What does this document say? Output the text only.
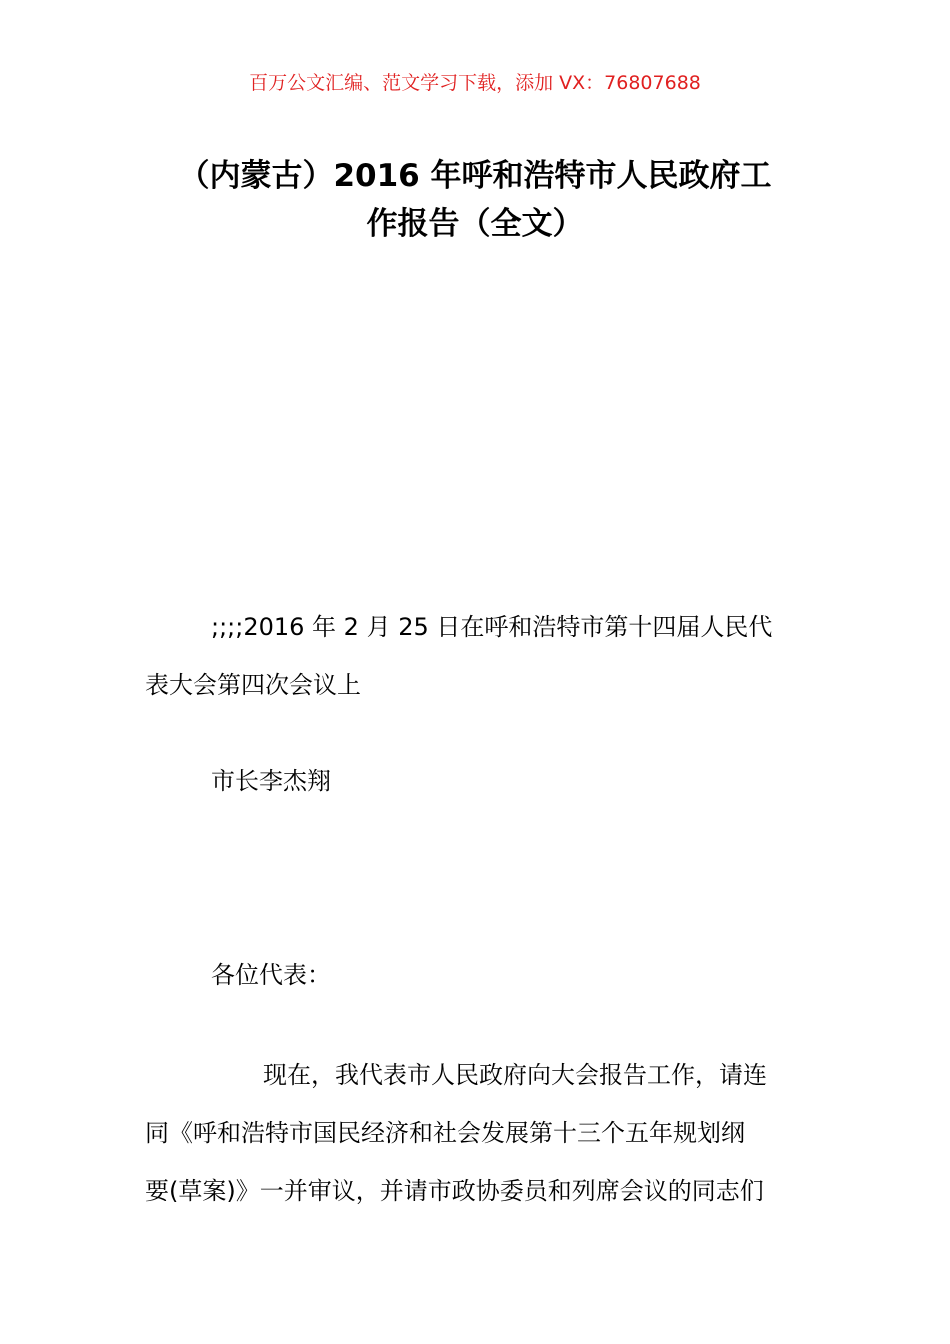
百万公文汇编、范文学习下载，添加 VX：76807688
（内蒙古）2016 年呼和浩特市人民政府工
作报告（全文）
;;;;2016 年 2 月 25 日在呼和浩特市第十四届人民代
表大会第四次会议上
市长李杰翔
各位代表：
现在，我代表市人民政府向大会报告工作，请连
同《呼和浩特市国民经济和社会发展第十三个五年规划纲
要(草案)》一并审议，并请市政协委员和列席会议的同志们
